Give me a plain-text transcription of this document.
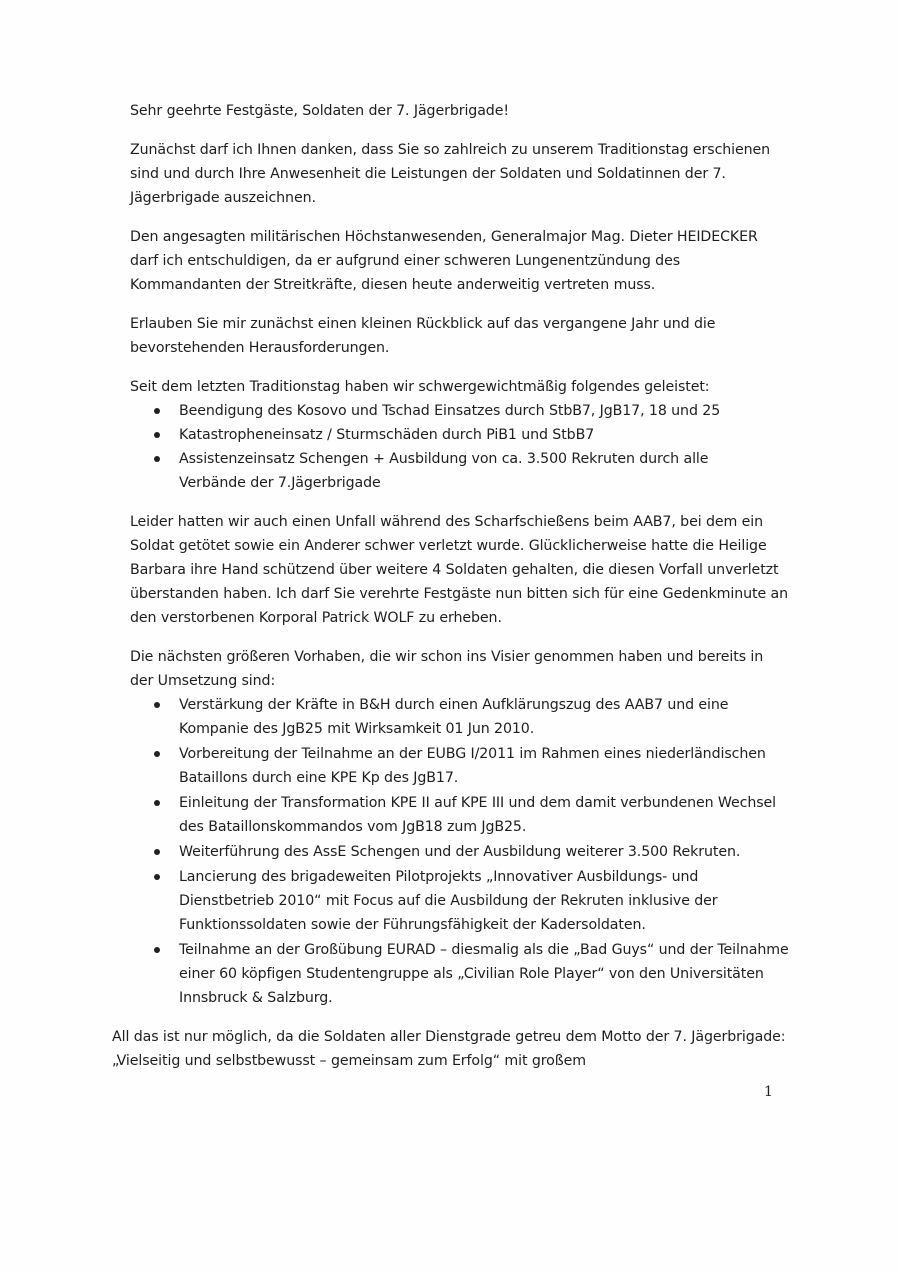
Sehr geehrte Festgäste, Soldaten der 7. Jägerbrigade!

Zunächst darf ich Ihnen danken, dass Sie so zahlreich zu unserem Traditionstag erschienen sind und durch Ihre Anwesenheit die Leistungen der Soldaten und Soldatinnen der 7. Jägerbrigade auszeichnen.

Den angesagten militärischen Höchstanwesenden, Generalmajor Mag. Dieter HEIDECKER darf ich entschuldigen, da er aufgrund einer schweren Lungenentzündung des Kommandanten der Streitkräfte, diesen heute anderweitig vertreten muss.

Erlauben Sie mir zunächst einen kleinen Rückblick auf das vergangene Jahr und die bevorstehenden Herausforderungen.

Seit dem letzten Traditionstag haben wir schwergewichtmäßig folgendes geleistet:

Beendigung des Kosovo und Tschad Einsatzes durch StbB7, JgB17, 18 und 25
Katastropheneinsatz / Sturmschäden durch PiB1 und StbB7
Assistenzeinsatz Schengen + Ausbildung von ca. 3.500 Rekruten durch alle Verbände der 7.Jägerbrigade

Leider hatten wir auch einen Unfall während des Scharfschießens beim AAB7, bei dem ein Soldat getötet sowie ein Anderer schwer verletzt wurde. Glücklicherweise hatte die Heilige Barbara ihre Hand schützend über weitere 4 Soldaten gehalten, die diesen Vorfall unverletzt überstanden haben. Ich darf Sie verehrte Festgäste nun bitten sich für eine Gedenkminute an den verstorbenen Korporal Patrick WOLF zu erheben.

Die nächsten größeren Vorhaben, die wir schon ins Visier genommen haben und bereits in der Umsetzung sind:

Verstärkung der Kräfte in B&H durch einen Aufklärungszug des AAB7 und eine Kompanie des JgB25 mit Wirksamkeit 01 Jun 2010.
Vorbereitung der Teilnahme an der EUBG I/2011 im Rahmen eines niederländischen Bataillons durch eine KPE Kp des JgB17.
Einleitung der Transformation KPE II auf KPE III und dem damit verbundenen Wechsel des Bataillonskommandos vom JgB18 zum JgB25.
Weiterführung des AssE Schengen und der Ausbildung weiterer 3.500 Rekruten.
Lancierung des brigadeweiten Pilotprojekts „Innovativer Ausbildungs- und Dienstbetrieb 2010“ mit Focus auf die Ausbildung der Rekruten inklusive der Funktionssoldaten sowie der Führungsfähigkeit der Kadersoldaten.
Teilnahme an der Großübung EURAD – diesmalig als die „Bad Guys“ und der Teilnahme einer 60 köpfigen Studentengruppe als „Civilian Role Player“ von den Universitäten Innsbruck & Salzburg.

All das ist nur möglich, da die Soldaten aller Dienstgrade getreu dem Motto der 7. Jägerbrigade: „Vielseitig und selbstbewusst – gemeinsam zum Erfolg“ mit großem

1
